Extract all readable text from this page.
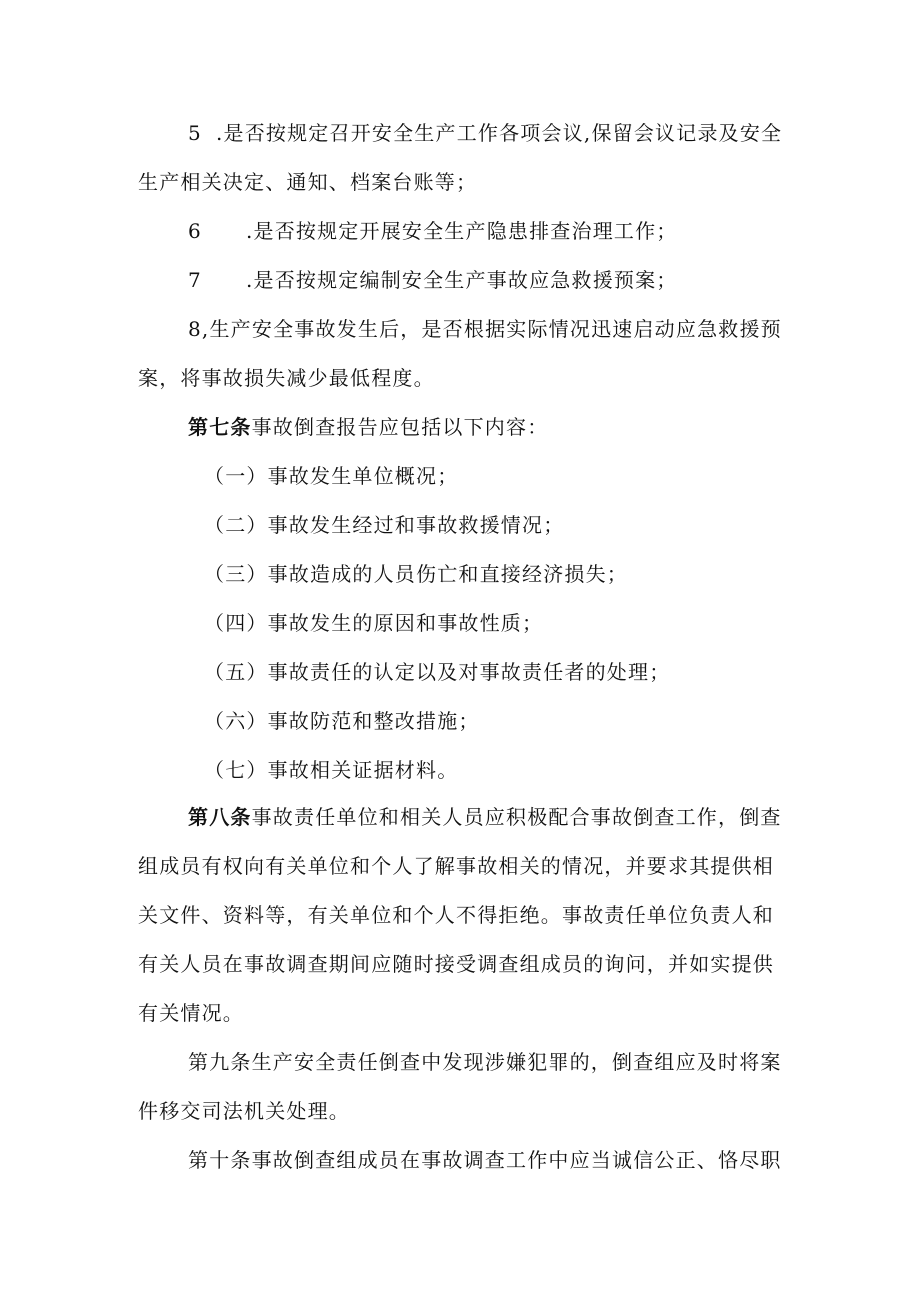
5 .是否按规定召开安全生产工作各项会议,保留会议记录及安全
生产相关决定、通知、档案台账等；
6 .是否按规定开展安全生产隐患排查治理工作；
7 .是否按规定编制安全生产事故应急救援预案；
8,生产安全事故发生后，是否根据实际情况迅速启动应急救援预
案，将事故损失减少最低程度。
第七条事故倒查报告应包括以下内容：
（一）事故发生单位概况；
（二）事故发生经过和事故救援情况；
（三）事故造成的人员伤亡和直接经济损失；
（四）事故发生的原因和事故性质；
（五）事故责任的认定以及对事故责任者的处理；
（六）事故防范和整改措施；
（七）事故相关证据材料。
第八条事故责任单位和相关人员应积极配合事故倒查工作，倒查
组成员有权向有关单位和个人了解事故相关的情况，并要求其提供相
关文件、资料等，有关单位和个人不得拒绝。事故责任单位负责人和
有关人员在事故调查期间应随时接受调查组成员的询问，并如实提供
有关情况。
第九条生产安全责任倒查中发现涉嫌犯罪的，倒查组应及时将案
件移交司法机关处理。
第十条事故倒查组成员在事故调查工作中应当诚信公正、恪尽职
